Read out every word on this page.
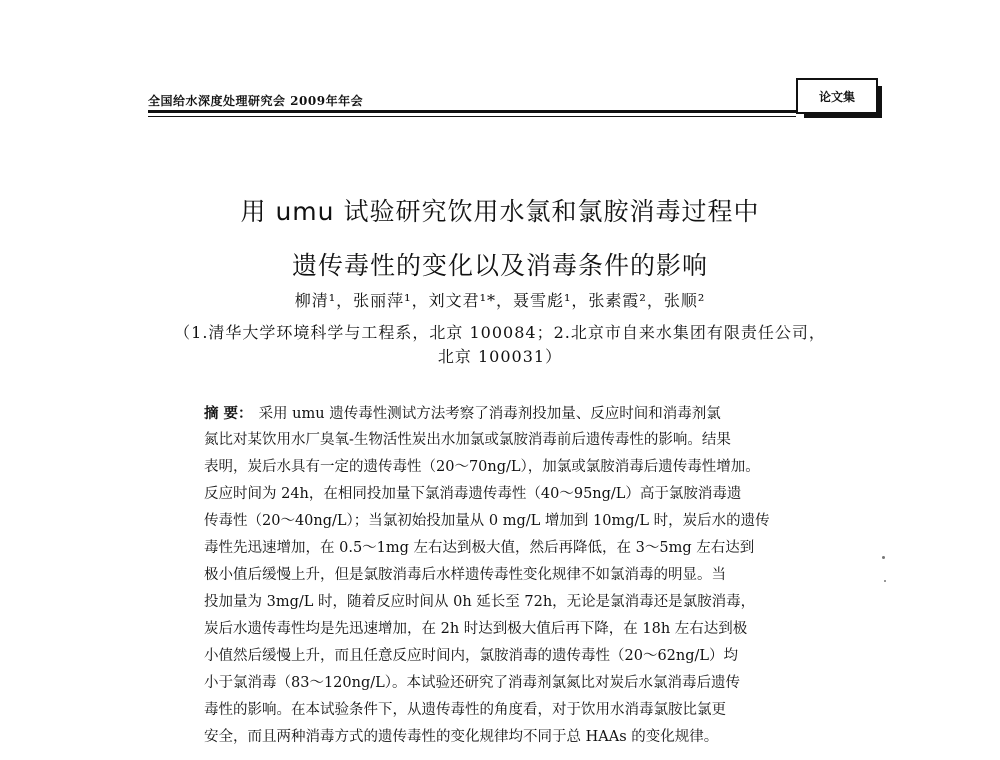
全国给水深度处理研究会 2009年年会	论文集
用 umu 试验研究饮用水氯和氯胺消毒过程中
遗传毒性的变化以及消毒条件的影响
柳清¹，张丽萍¹，刘文君¹*，聂雪彪¹，张素霞²，张顺²
（1.清华大学环境科学与工程系，北京 100084；2.北京市自来水集团有限责任公司，
北京 100031）
摘 要： 采用 umu 遗传毒性测试方法考察了消毒剂投加量、反应时间和消毒剂氯
氮比对某饮用水厂臭氧-生物活性炭出水加氯或氯胺消毒前后遗传毒性的影响。结果
表明，炭后水具有一定的遗传毒性（20～70ng/L），加氯或氯胺消毒后遗传毒性增加。
反应时间为 24h，在相同投加量下氯消毒遗传毒性（40～95ng/L）高于氯胺消毒遗
传毒性（20～40ng/L）；当氯初始投加量从 0 mg/L 增加到 10mg/L 时，炭后水的遗传
毒性先迅速增加，在 0.5～1mg 左右达到极大值，然后再降低，在 3～5mg 左右达到
极小值后缓慢上升，但是氯胺消毒后水样遗传毒性变化规律不如氯消毒的明显。当
投加量为 3mg/L 时，随着反应时间从 0h 延长至 72h，无论是氯消毒还是氯胺消毒，
炭后水遗传毒性均是先迅速增加，在 2h 时达到极大值后再下降，在 18h 左右达到极
小值然后缓慢上升，而且任意反应时间内，氯胺消毒的遗传毒性（20～62ng/L）均
小于氯消毒（83～120ng/L）。本试验还研究了消毒剂氯氮比对炭后水氯消毒后遗传
毒性的影响。在本试验条件下，从遗传毒性的角度看，对于饮用水消毒氯胺比氯更
安全，而且两种消毒方式的遗传毒性的变化规律均不同于总 HAAs 的变化规律。
